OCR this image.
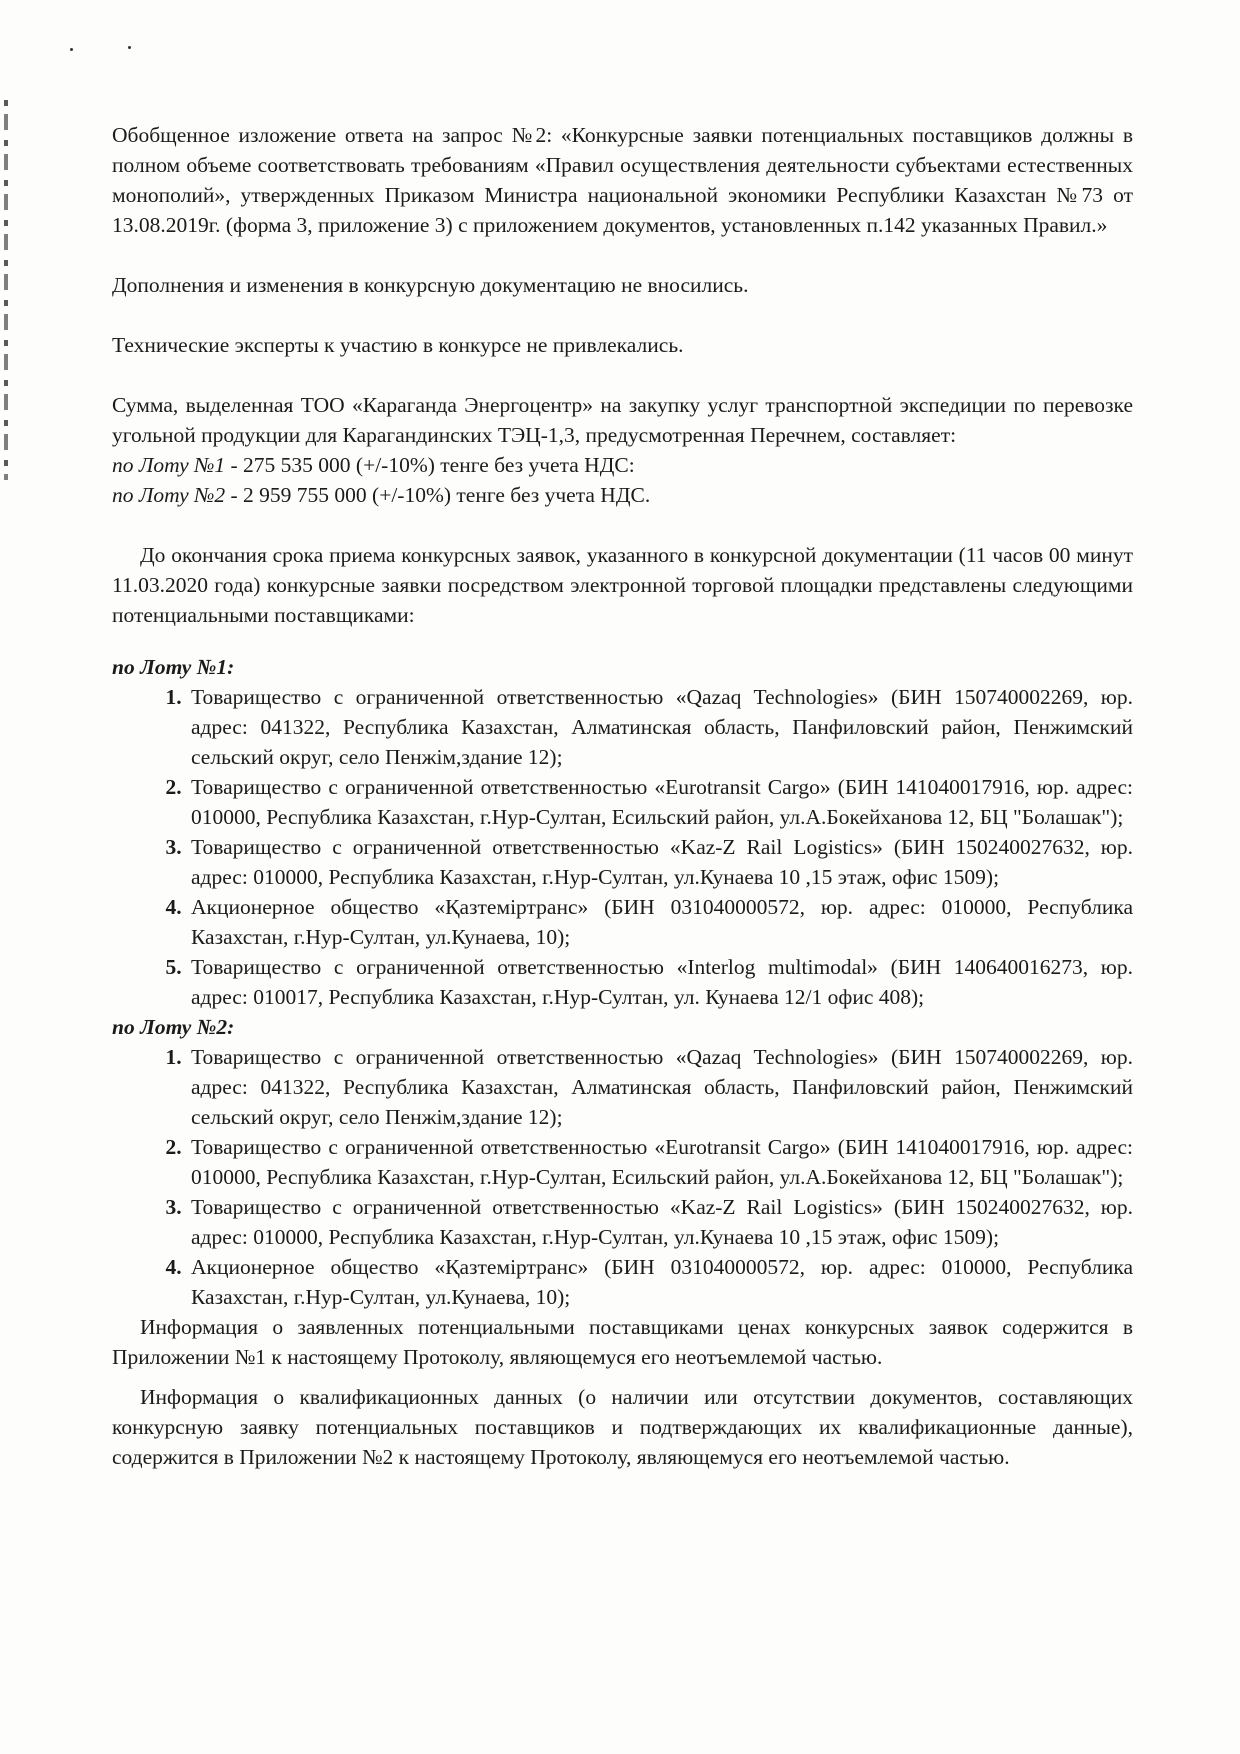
Обобщенное изложение ответа на запрос №2: «Конкурсные заявки потенциальных поставщиков должны в полном объеме соответствовать требованиям «Правил осуществления деятельности субъектами естественных монополий», утвержденных Приказом Министра национальной экономики Республики Казахстан №73 от 13.08.2019г. (форма 3, приложение 3) с приложением документов, установленных п.142 указанных Правил.»

Дополнения и изменения в конкурсную документацию не вносились.

Технические эксперты к участию в конкурсе не привлекались.

Сумма, выделенная ТОО «Караганда Энергоцентр» на закупку услуг транспортной экспедиции по перевозке угольной продукции для Карагандинских ТЭЦ-1,3, предусмотренная Перечнем, составляет:

по Лоту №1 - 275 535 000 (+/-10%) тенге без учета НДС:

по Лоту №2 - 2 959 755 000 (+/-10%) тенге без учета НДС.

До окончания срока приема конкурсных заявок, указанного в конкурсной документации (11 часов 00 минут 11.03.2020 года) конкурсные заявки посредством электронной торговой площадки представлены следующими потенциальными поставщиками:

по Лоту №1:

1. Товарищество с ограниченной ответственностью «Qazaq Technologies» (БИН 150740002269, юр. адрес: 041322, Республика Казахстан, Алматинская область, Панфиловский район, Пенжимский сельский округ, село Пенжім,здание 12);
2. Товарищество с ограниченной ответственностью «Eurotransit Cargo» (БИН 141040017916, юр. адрес: 010000, Республика Казахстан, г.Нур-Султан, Есильский район, ул.А.Бокейханова 12, БЦ "Болашак");
3. Товарищество с ограниченной ответственностью «Kaz-Z Rail Logistics» (БИН 150240027632, юр. адрес: 010000, Республика Казахстан, г.Нур-Султан, ул.Кунаева 10 ,15 этаж, офис 1509);
4. Акционерное общество «Қазтеміртранс» (БИН 031040000572, юр. адрес: 010000, Республика Казахстан, г.Нур-Султан, ул.Кунаева, 10);
5. Товарищество с ограниченной ответственностью «Interlog multimodal» (БИН 140640016273, юр. адрес: 010017, Республика Казахстан, г.Нур-Султан, ул. Кунаева 12/1 офис 408);

по Лоту №2:

1. Товарищество с ограниченной ответственностью «Qazaq Technologies» (БИН 150740002269, юр. адрес: 041322, Республика Казахстан, Алматинская область, Панфиловский район, Пенжимский сельский округ, село Пенжім,здание 12);
2. Товарищество с ограниченной ответственностью «Eurotransit Cargo» (БИН 141040017916, юр. адрес: 010000, Республика Казахстан, г.Нур-Султан, Есильский район, ул.А.Бокейханова 12, БЦ "Болашак");
3. Товарищество с ограниченной ответственностью «Kaz-Z Rail Logistics» (БИН 150240027632, юр. адрес: 010000, Республика Казахстан, г.Нур-Султан, ул.Кунаева 10 ,15 этаж, офис 1509);
4. Акционерное общество «Қазтеміртранс» (БИН 031040000572, юр. адрес: 010000, Республика Казахстан, г.Нур-Султан, ул.Кунаева, 10);

Информация о заявленных потенциальными поставщиками ценах конкурсных заявок содержится в Приложении №1 к настоящему Протоколу, являющемуся его неотъемлемой частью.

Информация о квалификационных данных (о наличии или отсутствии документов, составляющих конкурсную заявку потенциальных поставщиков и подтверждающих их квалификационные данные), содержится в Приложении №2 к настоящему Протоколу, являющемуся его неотъемлемой частью.
